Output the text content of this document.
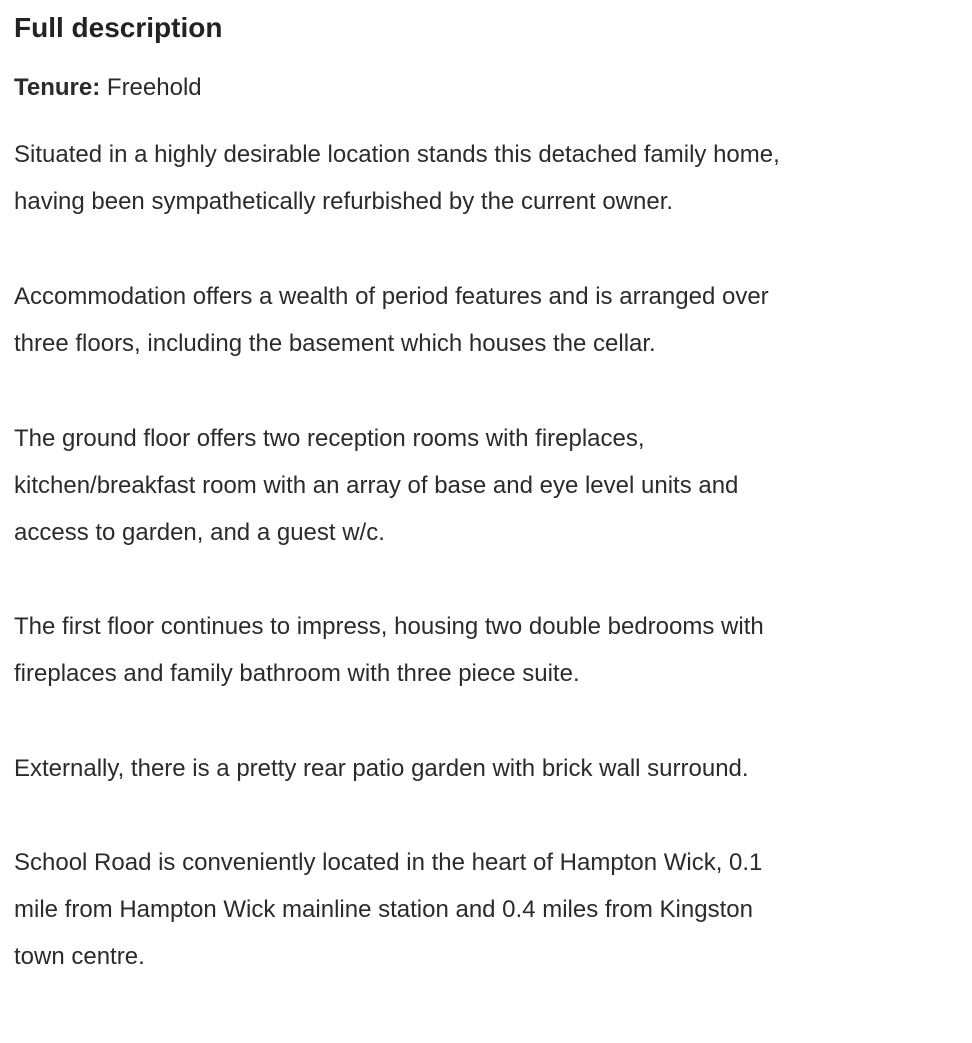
Full description

Tenure: Freehold

Situated in a highly desirable location stands this detached family home,
having been sympathetically refurbished by the current owner.

Accommodation offers a wealth of period features and is arranged over
three floors, including the basement which houses the cellar.

The ground floor offers two reception rooms with fireplaces,
kitchen/breakfast room with an array of base and eye level units and
access to garden, and a guest w/c.

The first floor continues to impress, housing two double bedrooms with
fireplaces and family bathroom with three piece suite.

Externally, there is a pretty rear patio garden with brick wall surround.

School Road is conveniently located in the heart of Hampton Wick, 0.1
mile from Hampton Wick mainline station and 0.4 miles from Kingston
town centre.
